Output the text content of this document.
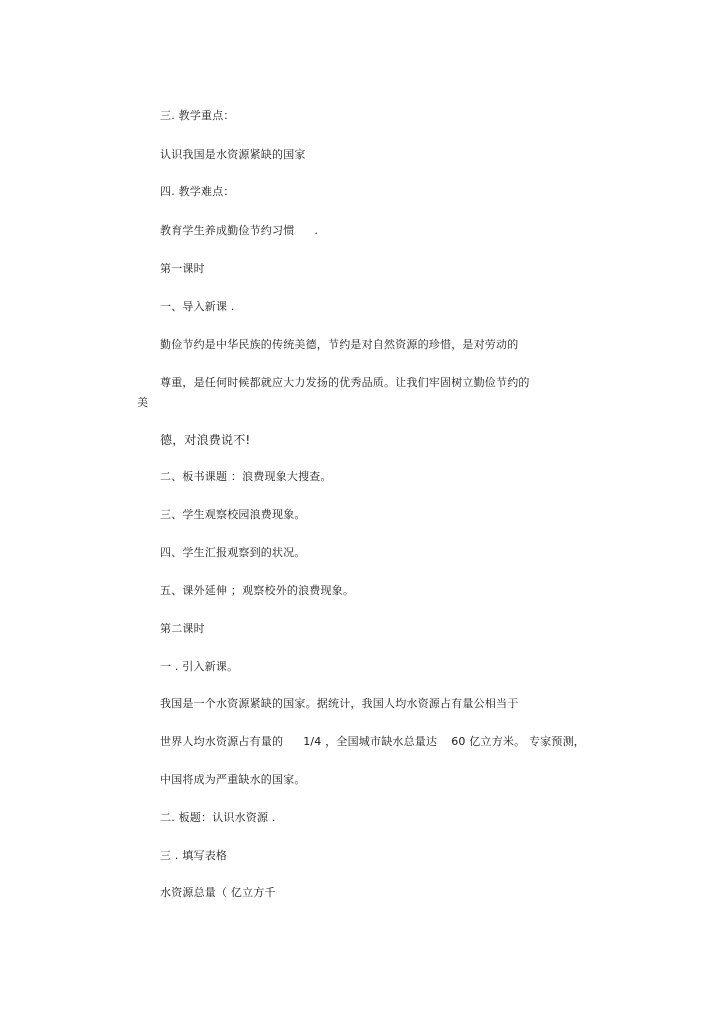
三. 教学重点：
认识我国是水资源紧缺的国家
四. 教学难点：
教育学生养成勤俭节约习惯 .
第一课时
一、导入新课 .
勤俭节约是中华民族的传统美德，节约是对自然资源的珍惜，是对劳动的
尊重，是任何时候都就应大力发扬的优秀品质。让我们牢固树立勤俭节约的
美
德，对浪费说不!
二、板书课题 ：浪费现象大搜查。
三、学生观察校园浪费现象。
四、学生汇报观察到的状况。
五、课外延伸 ；观察校外的浪费现象。
第二课时
一 . 引入新课。
我国是一个水资源紧缺的国家。据统计，我国人均水资源占有量公相当于
世界人均水资源占有量的 1/4 ，全国城市缺水总量达 60 亿立方米。 专家预测，
中国将成为严重缺水的国家。
二. 板题：认识水资源 .
三 . 填写表格
水资源总量（ 亿立方千
